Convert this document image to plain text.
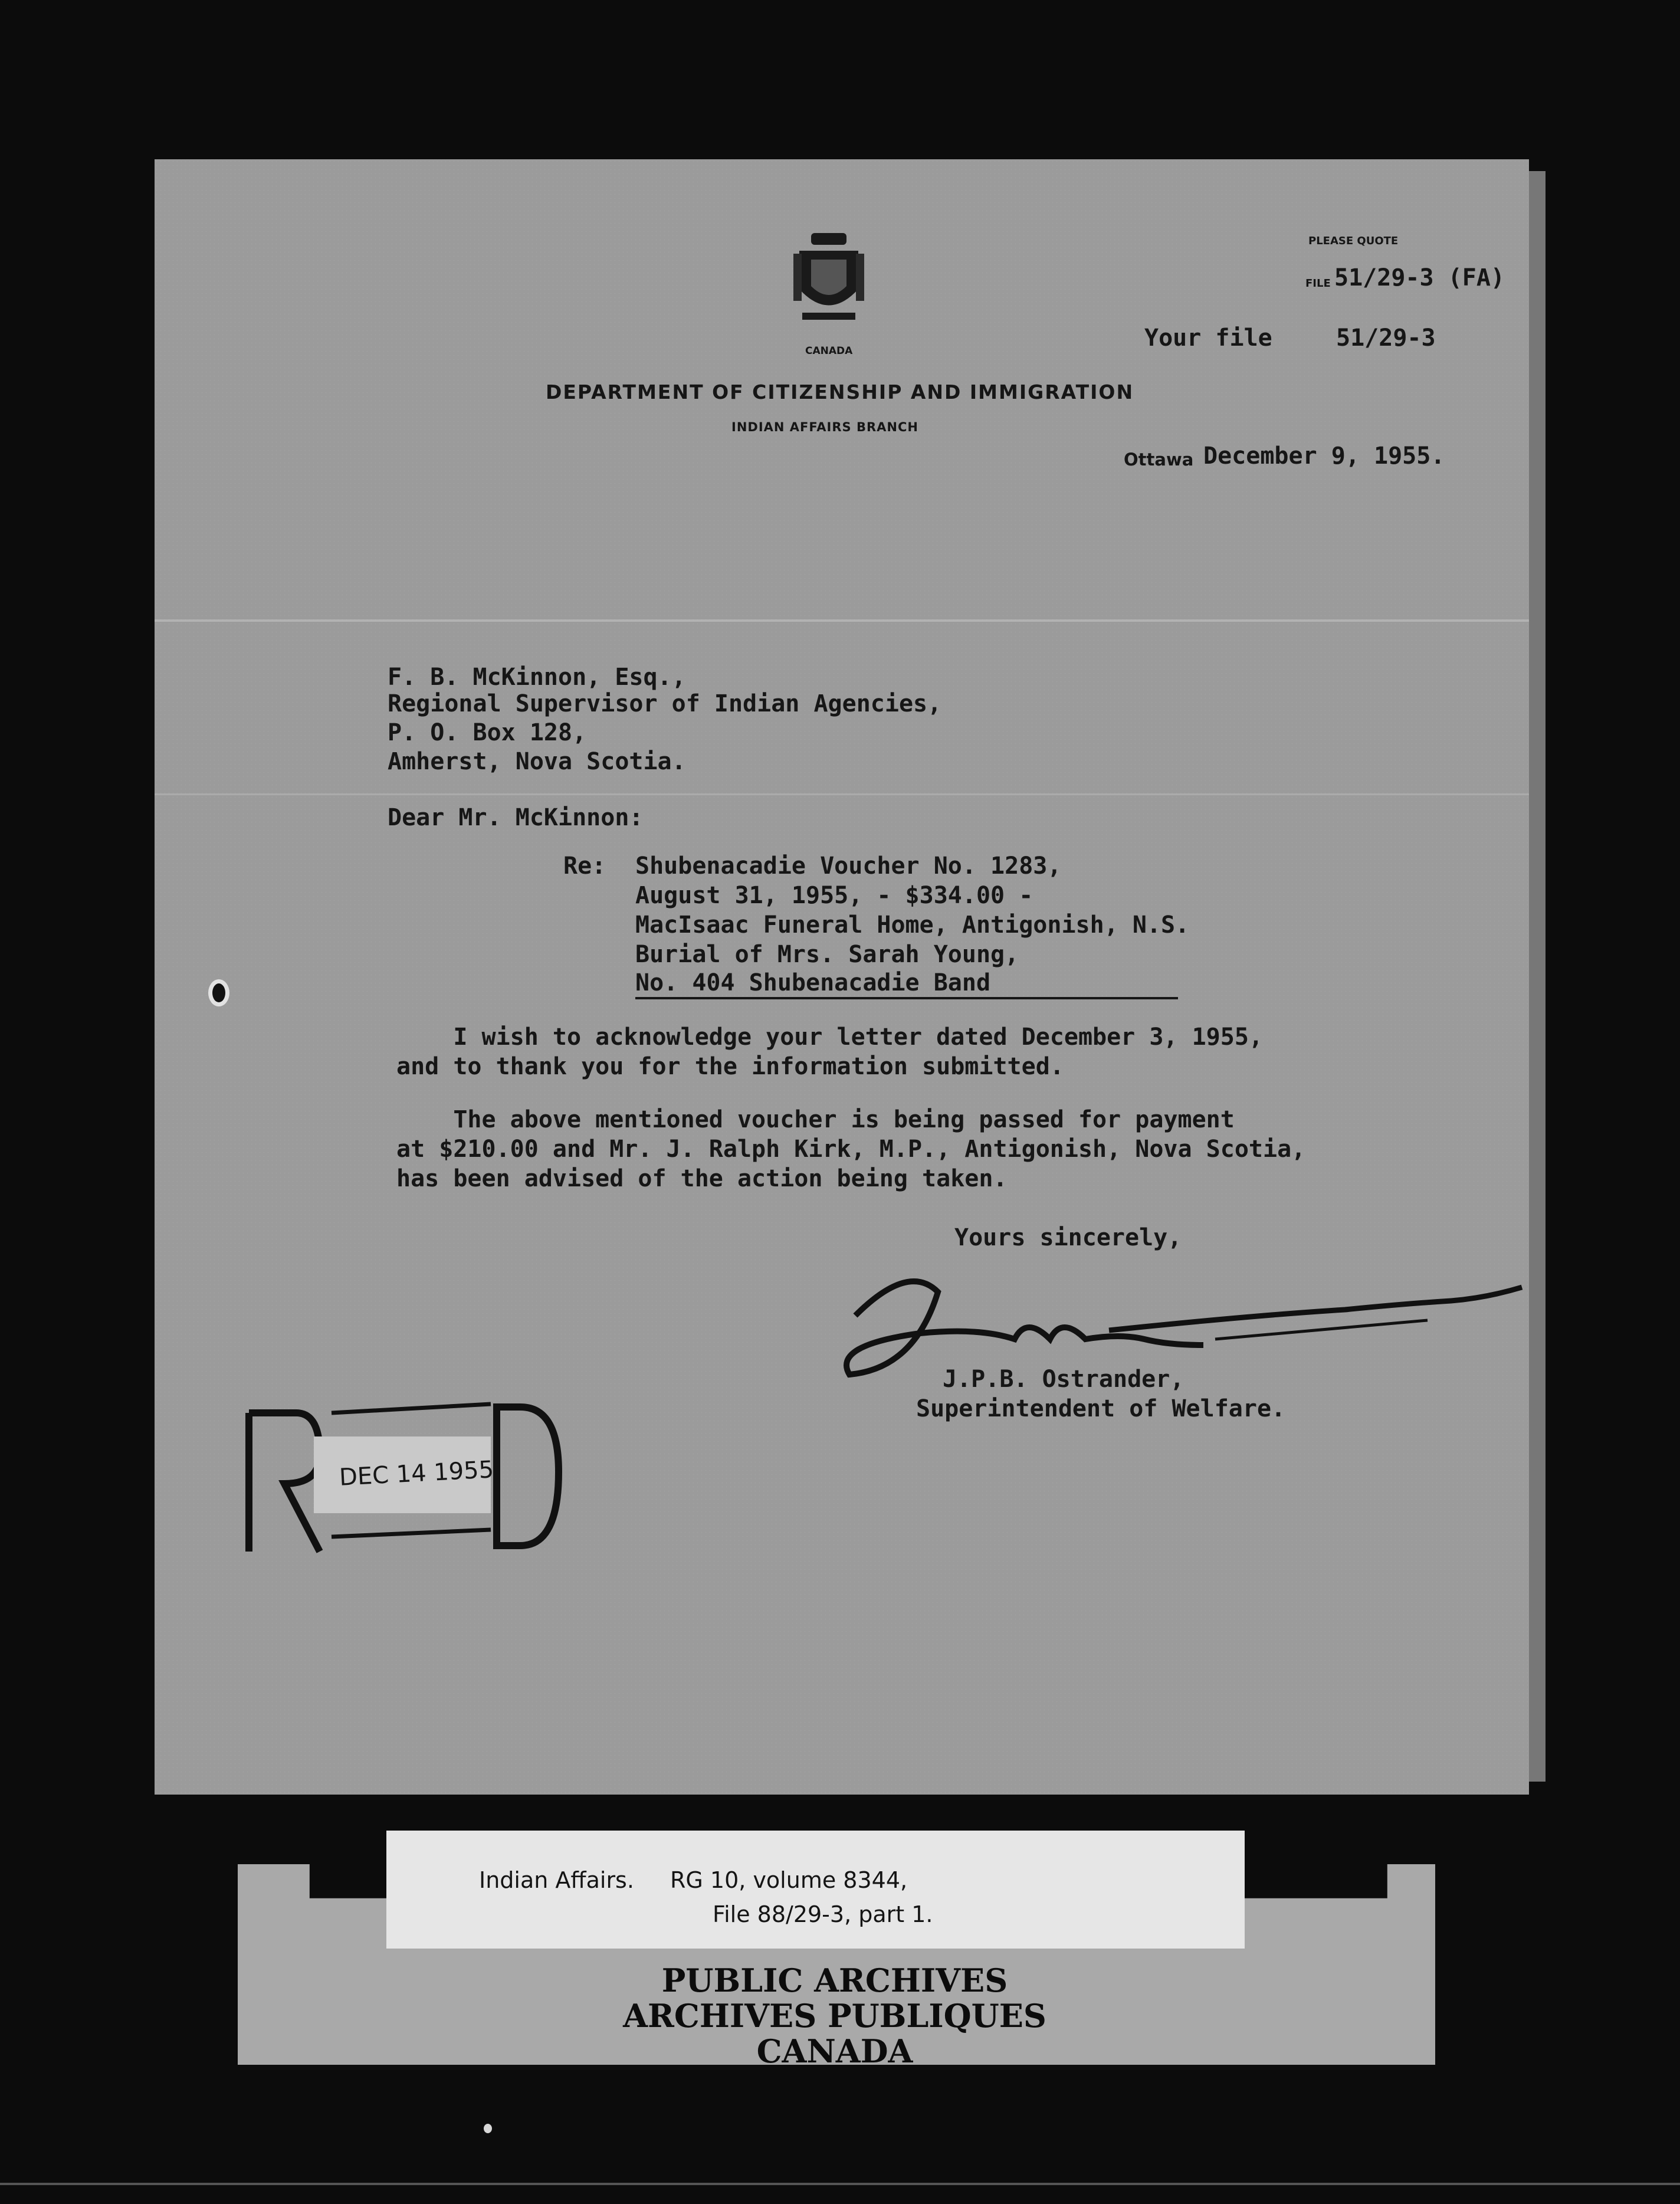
CANADA
DEPARTMENT OF CITIZENSHIP AND IMMIGRATION
INDIAN AFFAIRS BRANCH
PLEASE QUOTE
FILE 51/29-3 (FA)
Your file	51/29-3
Ottawa December 9, 1955.
F. B. McKinnon, Esq.,
Regional Supervisor of Indian Agencies,
P. O. Box 128,
Amherst, Nova Scotia.
Dear Mr. McKinnon:
Re: Shubenacadie Voucher No. 1283,
August 31, 1955, - $334.00 -
MacIsaac Funeral Home, Antigonish, N.S.
Burial of Mrs. Sarah Young,
No. 404 Shubenacadie Band
I wish to acknowledge your letter dated December 3, 1955,
and to thank you for the information submitted.
The above mentioned voucher is being passed for payment
at $210.00 and Mr. J. Ralph Kirk, M.P., Antigonish, Nova Scotia,
has been advised of the action being taken.
Yours sincerely,
J.P.B. Ostrander,
Superintendent of Welfare.
DEC 14 1955
Indian Affairs. RG 10, volume 8344,
File 88/29-3, part 1.
PUBLIC ARCHIVES
ARCHIVES PUBLIQUES
CANADA
